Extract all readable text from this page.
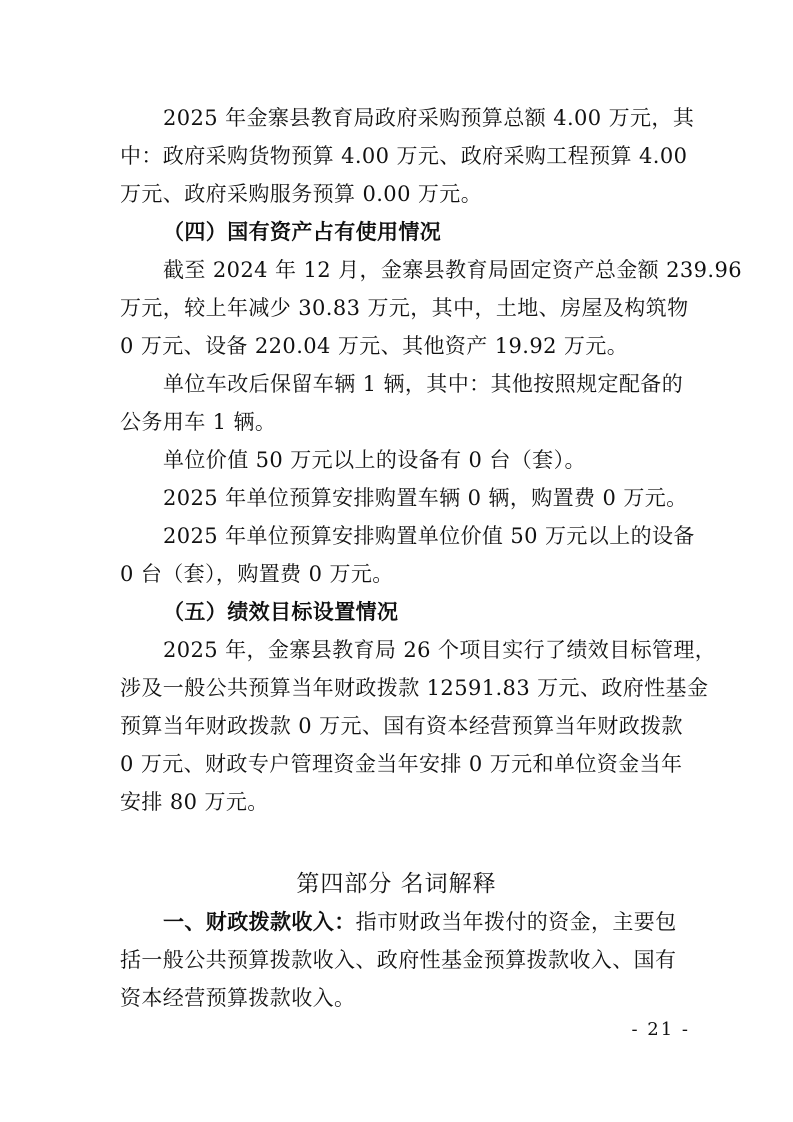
2025 年金寨县教育局政府采购预算总额 4.00 万元，其
中：政府采购货物预算 4.00 万元、政府采购工程预算 4.00
万元、政府采购服务预算 0.00 万元。
（四）国有资产占有使用情况
截至 2024 年 12 月，金寨县教育局固定资产总金额 239.96
万元，较上年减少 30.83 万元，其中，土地、房屋及构筑物
0 万元、设备 220.04 万元、其他资产 19.92 万元。
单位车改后保留车辆 1 辆，其中：其他按照规定配备的
公务用车 1 辆。
单位价值 50 万元以上的设备有 0 台（套）。
2025 年单位预算安排购置车辆 0 辆，购置费 0 万元。
2025 年单位预算安排购置单位价值 50 万元以上的设备
0 台（套），购置费 0 万元。
（五）绩效目标设置情况
2025 年，金寨县教育局 26 个项目实行了绩效目标管理，
涉及一般公共预算当年财政拨款 12591.83 万元、政府性基金
预算当年财政拨款 0 万元、国有资本经营预算当年财政拨款
0 万元、财政专户管理资金当年安排 0 万元和单位资金当年
安排 80 万元。
第四部分 名词解释
一、财政拨款收入：指市财政当年拨付的资金，主要包
括一般公共预算拨款收入、政府性基金预算拨款收入、国有
资本经营预算拨款收入。
- 21 -
